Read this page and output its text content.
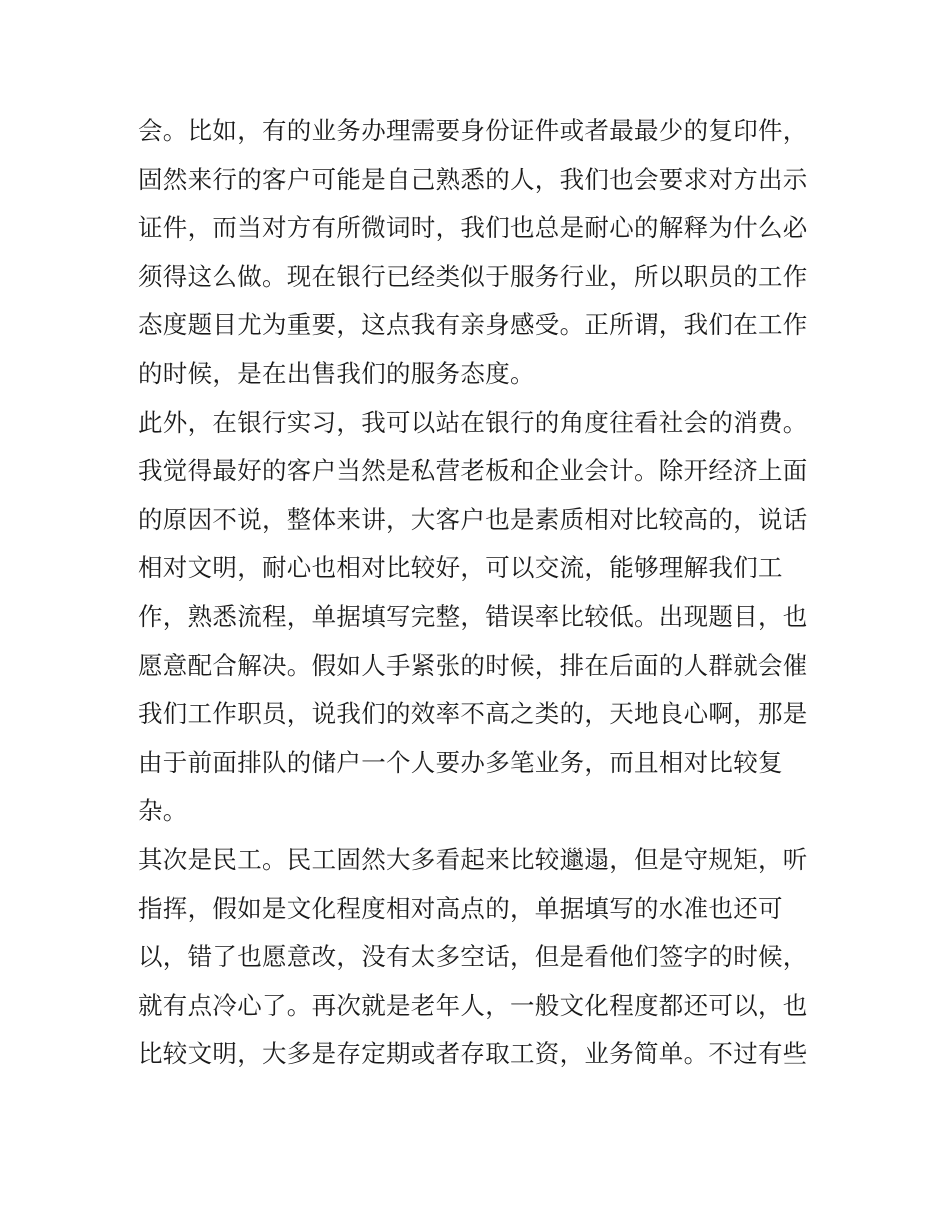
会。比如，有的业务办理需要身份证件或者最最少的复印件，
固然来行的客户可能是自己熟悉的人，我们也会要求对方出示
证件，而当对方有所微词时，我们也总是耐心的解释为什么必
须得这么做。现在银行已经类似于服务行业，所以职员的工作
态度题目尤为重要，这点我有亲身感受。正所谓，我们在工作
的时候，是在出售我们的服务态度。
此外，在银行实习，我可以站在银行的角度往看社会的消费。
我觉得最好的客户当然是私营老板和企业会计。除开经济上面
的原因不说，整体来讲，大客户也是素质相对比较高的，说话
相对文明，耐心也相对比较好，可以交流，能够理解我们工
作，熟悉流程，单据填写完整，错误率比较低。出现题目，也
愿意配合解决。假如人手紧张的时候，排在后面的人群就会催
我们工作职员，说我们的效率不高之类的，天地良心啊，那是
由于前面排队的储户一个人要办多笔业务，而且相对比较复
杂。
其次是民工。民工固然大多看起来比较邋遢，但是守规矩，听
指挥，假如是文化程度相对高点的，单据填写的水准也还可
以，错了也愿意改，没有太多空话，但是看他们签字的时候，
就有点冷心了。再次就是老年人，一般文化程度都还可以，也
比较文明，大多是存定期或者存取工资，业务简单。不过有些
